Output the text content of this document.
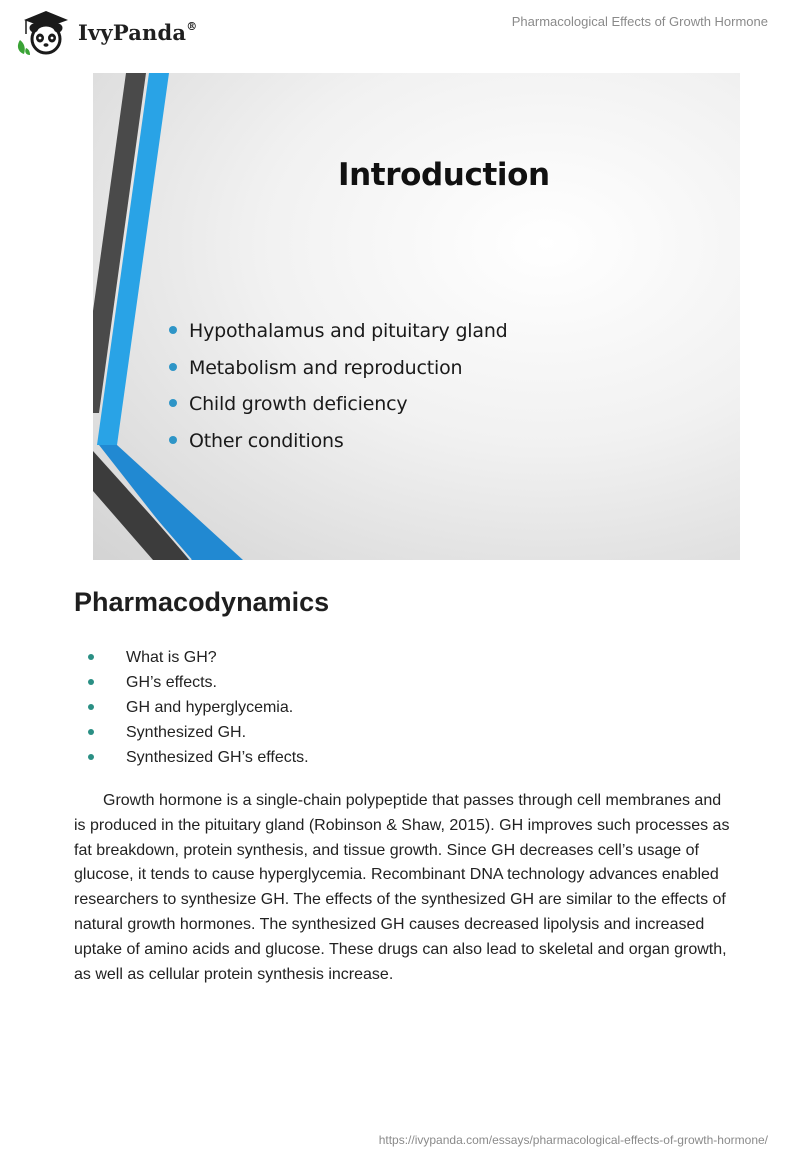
IvyPanda®	Pharmacological Effects of Growth Hormone
Introduction
Hypothalamus and pituitary gland
Metabolism and reproduction
Child growth deficiency
Other conditions
Pharmacodynamics
What is GH?
GH’s effects.
GH and hyperglycemia.
Synthesized GH.
Synthesized GH’s effects.

Growth hormone is a single-chain polypeptide that passes through cell membranes and is produced in the pituitary gland (Robinson & Shaw, 2015). GH improves such processes as fat breakdown, protein synthesis, and tissue growth. Since GH decreases cell’s usage of glucose, it tends to cause hyperglycemia. Recombinant DNA technology advances enabled researchers to synthesize GH. The effects of the synthesized GH are similar to the effects of natural growth hormones. The synthesized GH causes decreased lipolysis and increased uptake of amino acids and glucose. These drugs can also lead to skeletal and organ growth, as well as cellular protein synthesis increase.

https://ivypanda.com/essays/pharmacological-effects-of-growth-hormone/
